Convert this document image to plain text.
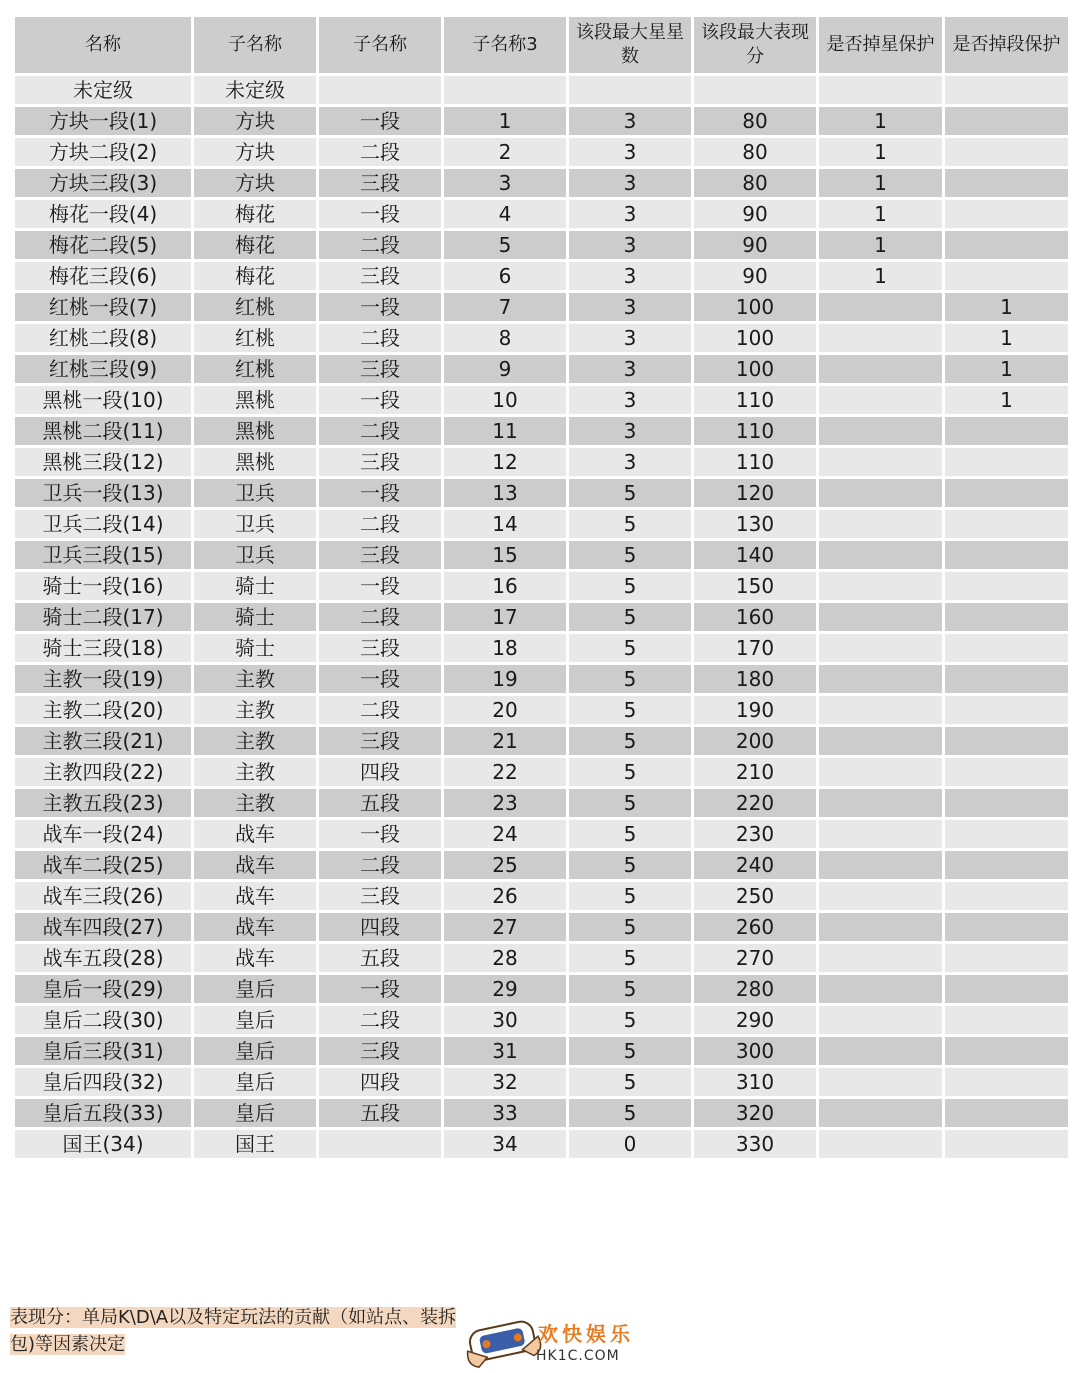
名称	子名称	子名称	子名称3	该段最大星星数	该段最大表现分	是否掉星保护	是否掉段保护
未定级	未定级						
方块一段(1)	方块	一段	1	3	80	1	
方块二段(2)	方块	二段	2	3	80	1	
方块三段(3)	方块	三段	3	3	80	1	
梅花一段(4)	梅花	一段	4	3	90	1	
梅花二段(5)	梅花	二段	5	3	90	1	
梅花三段(6)	梅花	三段	6	3	90	1	
红桃一段(7)	红桃	一段	7	3	100		1
红桃二段(8)	红桃	二段	8	3	100		1
红桃三段(9)	红桃	三段	9	3	100		1
黑桃一段(10)	黑桃	一段	10	3	110		1
黑桃二段(11)	黑桃	二段	11	3	110		
黑桃三段(12)	黑桃	三段	12	3	110		
卫兵一段(13)	卫兵	一段	13	5	120		
卫兵二段(14)	卫兵	二段	14	5	130		
卫兵三段(15)	卫兵	三段	15	5	140		
骑士一段(16)	骑士	一段	16	5	150		
骑士二段(17)	骑士	二段	17	5	160		
骑士三段(18)	骑士	三段	18	5	170		
主教一段(19)	主教	一段	19	5	180		
主教二段(20)	主教	二段	20	5	190		
主教三段(21)	主教	三段	21	5	200		
主教四段(22)	主教	四段	22	5	210		
主教五段(23)	主教	五段	23	5	220		
战车一段(24)	战车	一段	24	5	230		
战车二段(25)	战车	二段	25	5	240		
战车三段(26)	战车	三段	26	5	250		
战车四段(27)	战车	四段	27	5	260		
战车五段(28)	战车	五段	28	5	270		
皇后一段(29)	皇后	一段	29	5	280		
皇后二段(30)	皇后	二段	30	5	290		
皇后三段(31)	皇后	三段	31	5	300		
皇后四段(32)	皇后	四段	32	5	310		
皇后五段(33)	皇后	五段	33	5	320		
国王(34)	国王		34	0	330		
表现分：单局K\D\A以及特定玩法的贡献（如站点、装拆包)等因素决定	欢快娱乐
HK1C.COM
